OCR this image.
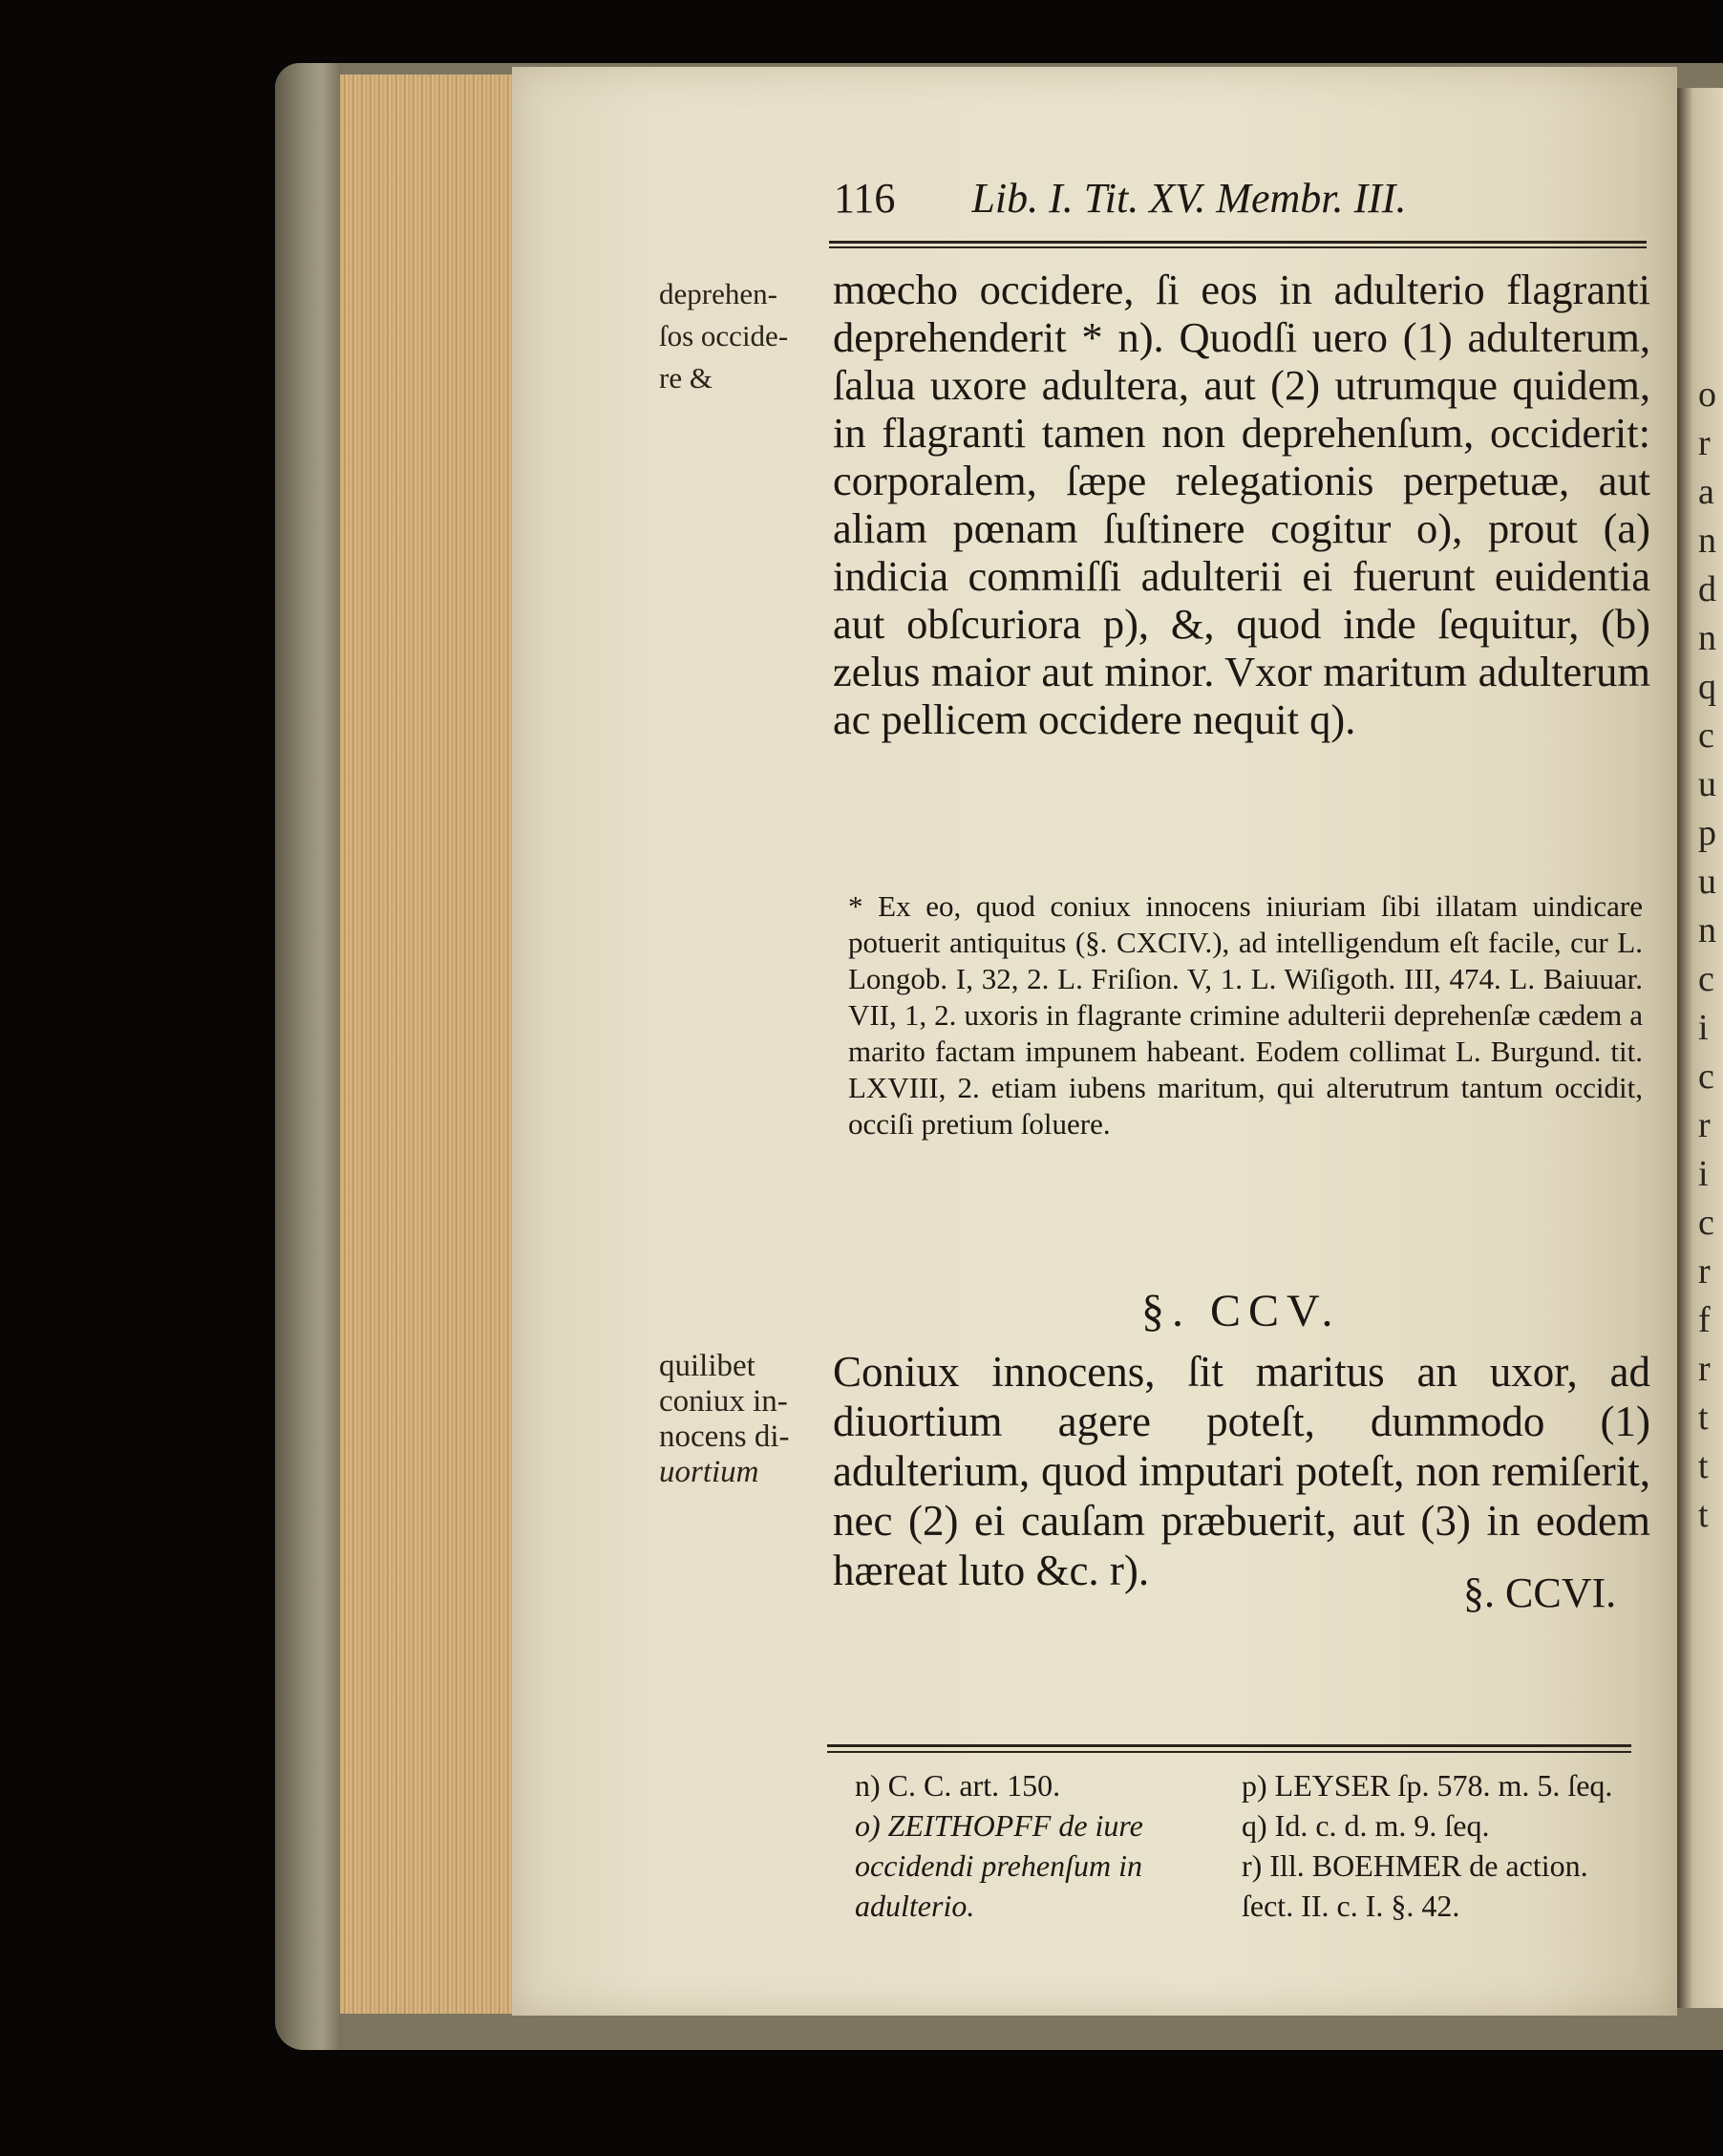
o
r
a
n
d
n
q
c
u
p
u
n
c
i
c
r
i
c
r
f
r
t
t
t
116 Lib. I. Tit. XV. Membr. III.
deprehen-
ſos occide-
re &
mœcho occidere, ſi eos in adulterio flagranti deprehenderit * n). Quodſi uero (1) adulterum, ſalua uxore adultera, aut (2) utrumque quidem, in flagranti tamen non deprehenſum, occiderit: corporalem, ſæpe relegationis perpetuæ, aut aliam pœnam ſuſtinere cogitur o), prout (a) indicia commiſſi adulterii ei fuerunt euidentia aut obſcuriora p), &, quod inde ſequitur, (b) zelus maior aut minor. Vxor maritum adulterum ac pellicem occidere nequit q).
* Ex eo, quod coniux innocens iniuriam ſibi illatam uindicare potuerit antiquitus (§. CXCIV.), ad intelligendum eſt facile, cur L. Longob. I, 32, 2. L. Friſion. V, 1. L. Wiſigoth. III, 474. L. Baiuuar. VII, 1, 2. uxoris in flagrante crimine adulterii deprehenſæ cædem a marito factam impunem habeant. Eodem collimat L. Burgund. tit. LXVIII, 2. etiam iubens maritum, qui alterutrum tantum occidit, occiſi pretium ſoluere.
§. CCV.
quilibet
coniux in-
nocens di-
uortium
Coniux innocens, ſit maritus an uxor, ad diuortium agere poteſt, dummodo (1) adulterium, quod imputari poteſt, non remiſerit, nec (2) ei cauſam præbuerit, aut (3) in eodem hæreat luto &c. r).	§. CCVI.
n) C. C. art. 150.
o) ZEITHOPFF de iure occidendi prehenſum in adulterio.
p) LEYSER ſp. 578. m. 5. ſeq.
q) Id. c. d. m. 9. ſeq.
r) Ill. BOEHMER de action. ſect. II. c. I. §. 42.
